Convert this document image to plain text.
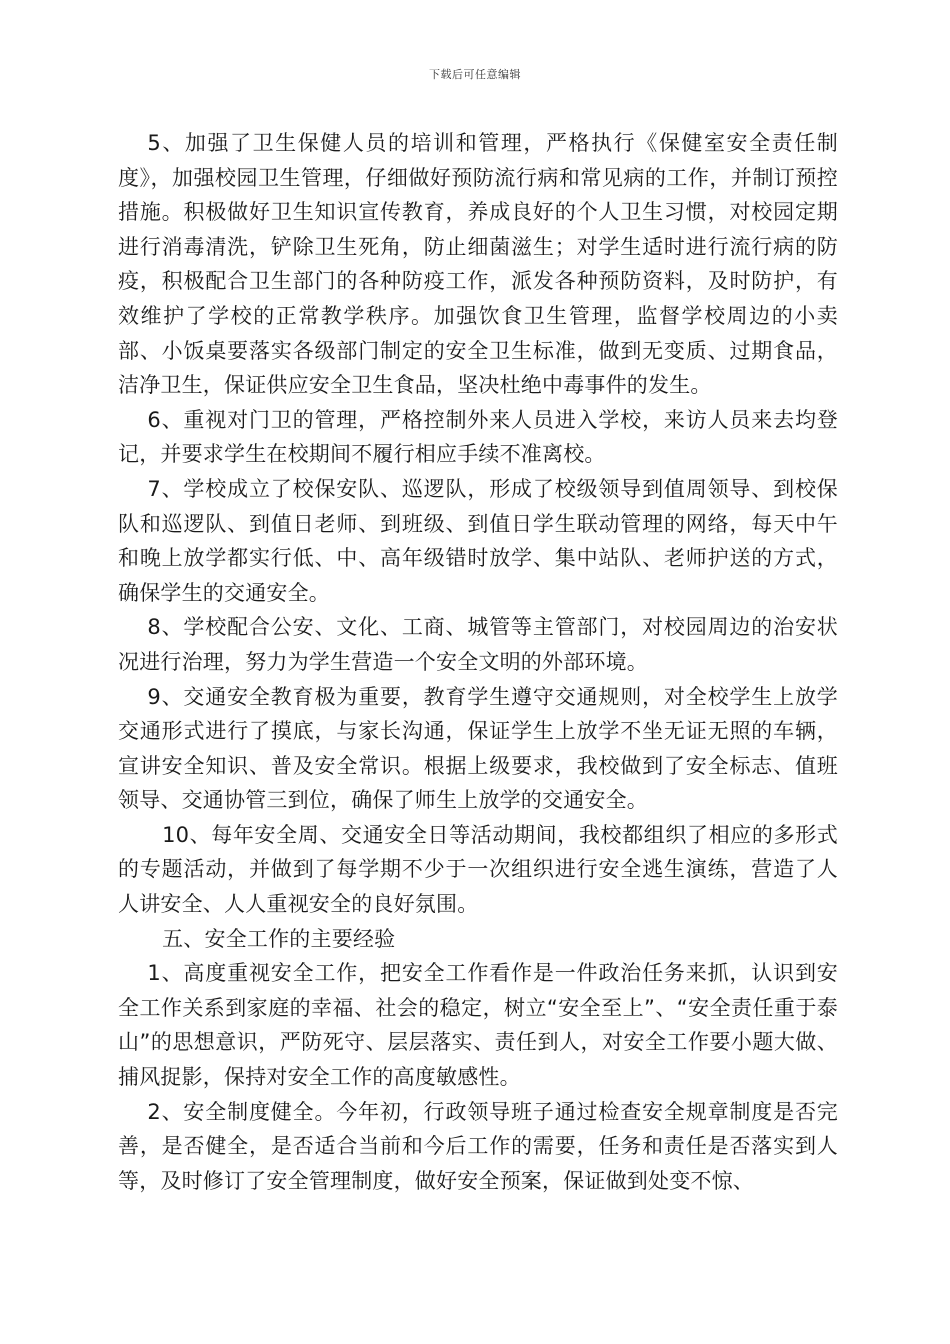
下载后可任意编辑

5、加强了卫生保健人员的培训和管理，严格执行《保健室安全责任制度》，加强校园卫生管理，仔细做好预防流行病和常见病的工作，并制订预控措施。积极做好卫生知识宣传教育，养成良好的个人卫生习惯，对校园定期进行消毒清洗，铲除卫生死角，防止细菌滋生；对学生适时进行流行病的防疫，积极配合卫生部门的各种防疫工作，派发各种预防资料，及时防护，有效维护了学校的正常教学秩序。加强饮食卫生管理，监督学校周边的小卖部、小饭桌要落实各级部门制定的安全卫生标准，做到无变质、过期食品，洁净卫生，保证供应安全卫生食品，坚决杜绝中毒事件的发生。

6、重视对门卫的管理，严格控制外来人员进入学校，来访人员来去均登记，并要求学生在校期间不履行相应手续不准离校。

7、学校成立了校保安队、巡逻队，形成了校级领导到值周领导、到校保队和巡逻队、到值日老师、到班级、到值日学生联动管理的网络，每天中午和晚上放学都实行低、中、高年级错时放学、集中站队、老师护送的方式，确保学生的交通安全。

8、学校配合公安、文化、工商、城管等主管部门，对校园周边的治安状况进行治理，努力为学生营造一个安全文明的外部环境。

9、交通安全教育极为重要，教育学生遵守交通规则，对全校学生上放学交通形式进行了摸底，与家长沟通，保证学生上放学不坐无证无照的车辆，宣讲安全知识、普及安全常识。根据上级要求，我校做到了安全标志、值班领导、交通协管三到位，确保了师生上放学的交通安全。

10、每年安全周、交通安全日等活动期间，我校都组织了相应的多形式的专题活动，并做到了每学期不少于一次组织进行安全逃生演练，营造了人人讲安全、人人重视安全的良好氛围。

五、安全工作的主要经验

1、高度重视安全工作，把安全工作看作是一件政治任务来抓，认识到安全工作关系到家庭的幸福、社会的稳定，树立“安全至上”、“安全责任重于泰山”的思想意识，严防死守、层层落实、责任到人，对安全工作要小题大做、捕风捉影，保持对安全工作的高度敏感性。

2、安全制度健全。今年初，行政领导班子通过检查安全规章制度是否完善，是否健全，是否适合当前和今后工作的需要，任务和责任是否落实到人等，及时修订了安全管理制度，做好安全预案，保证做到处变不惊、
